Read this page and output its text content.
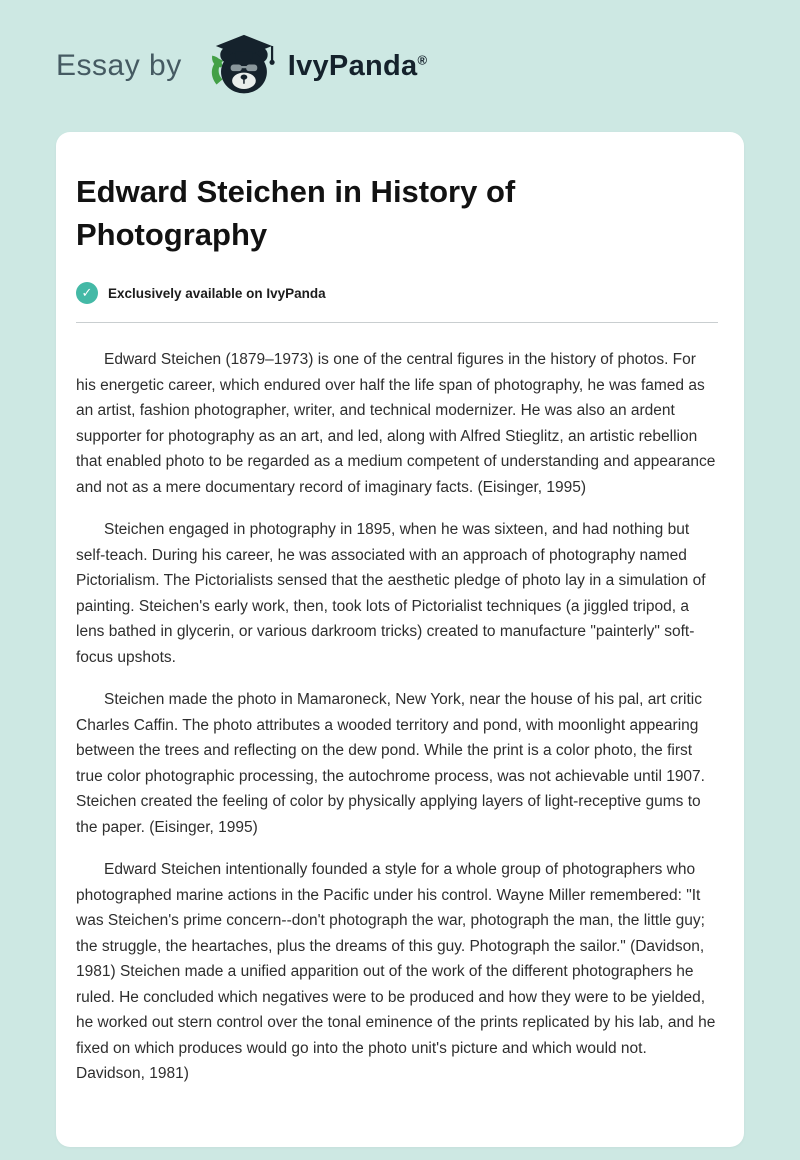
Essay by	IvyPanda®
Edward Steichen in History of Photography
✓	Exclusively available on IvyPanda

Edward Steichen (1879–1973) is one of the central figures in the history of photos. For his energetic career, which endured over half the life span of photography, he was famed as an artist, fashion photographer, writer, and technical modernizer. He was also an ardent supporter for photography as an art, and led, along with Alfred Stieglitz, an artistic rebellion that enabled photo to be regarded as a medium competent of understanding and appearance and not as a mere documentary record of imaginary facts. (Eisinger, 1995)

Steichen engaged in photography in 1895, when he was sixteen, and had nothing but self-teach. During his career, he was associated with an approach of photography named Pictorialism. The Pictorialists sensed that the aesthetic pledge of photo lay in a simulation of painting. Steichen's early work, then, took lots of Pictorialist techniques (a jiggled tripod, a lens bathed in glycerin, or various darkroom tricks) created to manufacture "painterly" soft-focus upshots.

Steichen made the photo in Mamaroneck, New York, near the house of his pal, art critic Charles Caffin. The photo attributes a wooded territory and pond, with moonlight appearing between the trees and reflecting on the dew pond. While the print is a color photo, the first true color photographic processing, the autochrome process, was not achievable until 1907. Steichen created the feeling of color by physically applying layers of light-receptive gums to the paper. (Eisinger, 1995)

Edward Steichen intentionally founded a style for a whole group of photographers who photographed marine actions in the Pacific under his control. Wayne Miller remembered: "It was Steichen's prime concern--don't photograph the war, photograph the man, the little guy; the struggle, the heartaches, plus the dreams of this guy. Photograph the sailor." (Davidson, 1981) Steichen made a unified apparition out of the work of the different photographers he ruled. He concluded which negatives were to be produced and how they were to be yielded, he worked out stern control over the tonal eminence of the prints replicated by his lab, and he fixed on which produces would go into the photo unit's picture and which would not. Davidson, 1981)
